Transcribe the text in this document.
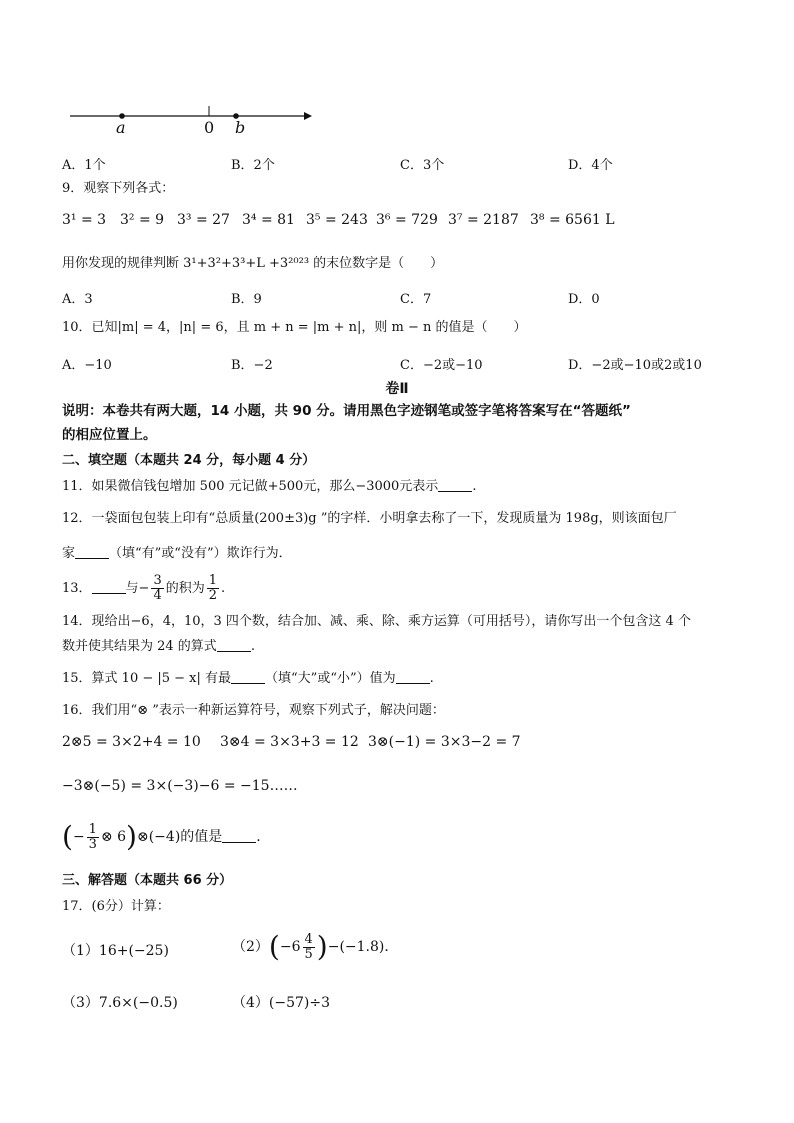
a	0 b
A．1个	B．2个	C．3个	D．4个
9．观察下列各式：
3¹ = 3 3² = 9 3³ = 27 3⁴ = 81 3⁵ = 243 3⁶ = 729 3⁷ = 2187 3⁸ = 6561 L
用你发现的规律判断 3¹+3²+3³+L +3²⁰²³ 的末位数字是（　　）
A．3	B．9	C．7	D．0
10．已知|m| = 4，|n| = 6，且 m + n = |m + n|，则 m − n 的值是（　　）
A．−10	B．−2	C．−2或−10	D．−2或−10或2或10
卷Ⅱ
说明：本卷共有两大题，14 小题，共 90 分。请用黑色字迹钢笔或签字笔将答案写在“答题纸”
的相应位置上。
二、填空题（本题共 24 分，每小题 4 分）
11．如果微信钱包增加 500 元记做+500元，那么−3000元表示	.
12．一袋面包包装上印有“总质量(200±3)g ”的字样．小明拿去称了一下，发现质量为 198g，则该面包厂
家	（填“有”或“没有”）欺诈行为．
13．	与− $\frac{3}{4}$ 的积为 $\frac{1}{2}$ .
14．现给出−6，4，10，3 四个数，结合加、减、乘、除、乘方运算（可用括号），请你写出一个包含这 4 个
数并使其结果为 24 的算式	.
15．算式 10 − |5 − x| 有最	（填“大”或“小”）值为	.
16．我们用“⊗ ”表示一种新运算符号，观察下列式子，解决问题：
2⊗5 = 3×2+4 = 10 3⊗4 = 3×3+3 = 12 3⊗(−1) = 3×3−2 = 7
−3⊗(−5) = 3×(−3)−6 = −15……
(− $\frac{1}{3}$ ⊗ 6)⊗(−4)的值是 .
三、解答题（本题共 66 分）
17．(6分）计算：
（1）16+(−25)	$(2)(-6 \frac{4}{5} )-(-1.8)$．
（3）7.6×(−0.5)	（4）(−57)÷3
